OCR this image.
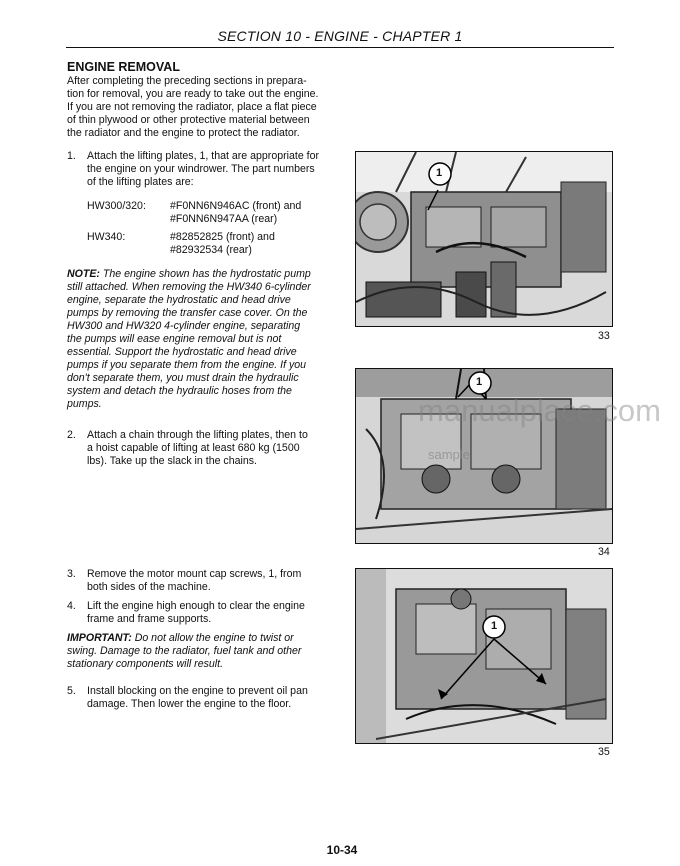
SECTION 10 - ENGINE - CHAPTER 1
ENGINE REMOVAL

After completing the preceding sections in prepara-

tion for removal, you are ready to take out the engine.

If you are not removing the radiator, place a flat piece

of thin plywood or other protective material between

the radiator and the engine to protect the radiator.

1. Attach the lifting plates, 1, that are appropriate for

the engine on your windrower. The part numbers

of the lifting plates are:

HW300/320: #F0NN6N946AC (front) and
#F0NN6N947AA (rear)
HW340:	#82852825 (front) and
#82932534 (rear)

NOTE: The engine shown has the hydrostatic pump

still attached. When removing the HW340 6-cylinder

engine, separate the hydrostatic and head drive

pumps by removing the transfer case cover. On the

HW300 and HW320 4-cylinder engine, separating

the pumps will ease engine removal but is not

essential. Support the hydrostatic and head drive

pumps if you separate them from the engine. If you

don't separate them, you must drain the hydraulic

system and detach the hydraulic hoses from the

pumps.

2. Attach a chain through the lifting plates, then to

a hoist capable of lifting at least 680 kg (1500

lbs). Take up the slack in the chains.

3. Remove the motor mount cap screws, 1, from

both sides of the machine.

4. Lift the engine high enough to clear the engine

frame and frame supports.

IMPORTANT: Do not allow the engine to twist or

swing. Damage to the radiator, fuel tank and other

stationary components will result.

5. Install blocking on the engine to prevent oil pan

damage. Then lower the engine to the floor.

1
33
1
34
1
35
manualplace.com
sample
10-34
